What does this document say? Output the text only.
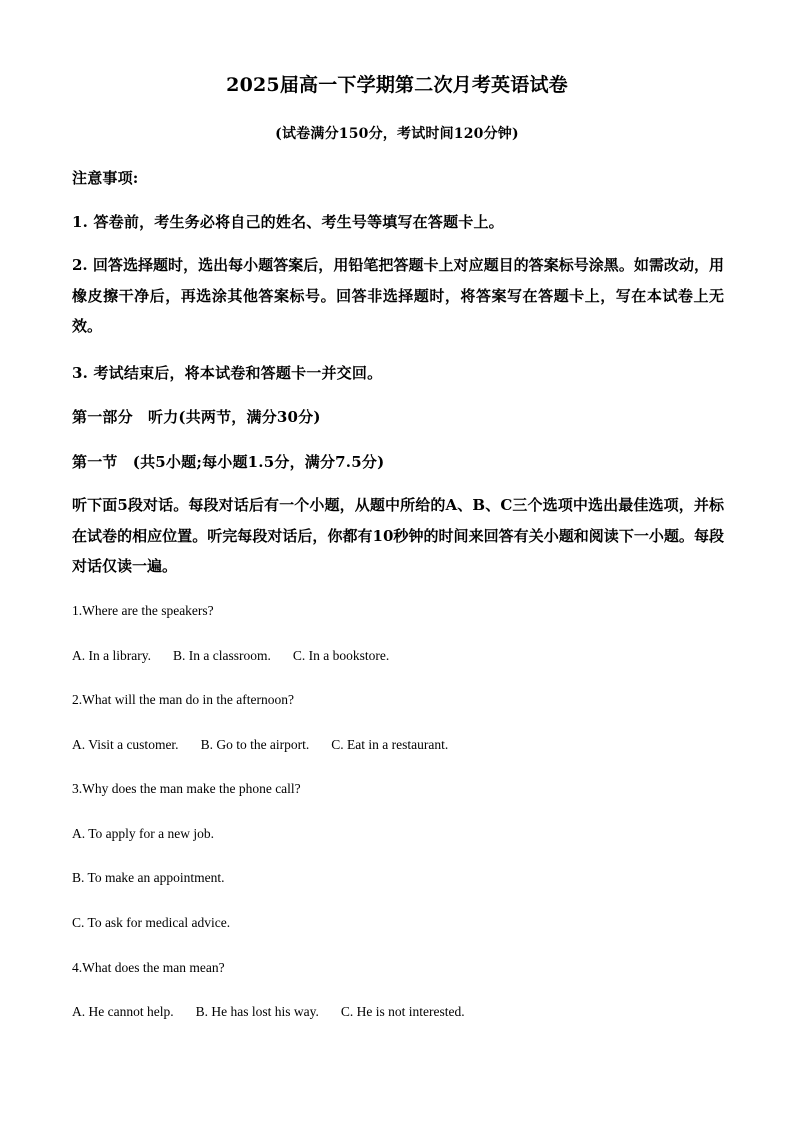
2025届高一下学期第二次月考英语试卷
(试卷满分150分，考试时间120分钟)
注意事项:
1. 答卷前，考生务必将自己的姓名、考生号等填写在答题卡上。
2. 回答选择题时，选出每小题答案后，用铅笔把答题卡上对应题目的答案标号涂黑。如需改动，用橡皮擦干净后，再选涂其他答案标号。回答非选择题时，将答案写在答题卡上，写在本试卷上无效。
3. 考试结束后，将本试卷和答题卡一并交回。
第一部分　听力(共两节，满分30分)
第一节　(共5小题;每小题1.5分，满分7.5分)
听下面5段对话。每段对话后有一个小题，从题中所给的A、B、C三个选项中选出最佳选项，并标在试卷的相应位置。听完每段对话后，你都有10秒钟的时间来回答有关小题和阅读下一小题。每段对话仅读一遍。
1.Where are the speakers?
A. In a library. B. In a classroom. C. In a bookstore.
2.What will the man do in the afternoon?
A. Visit a customer. B. Go to the airport. C. Eat in a restaurant.
3.Why does the man make the phone call?
A. To apply for a new job.
B. To make an appointment.
C. To ask for medical advice.
4.What does the man mean?
A. He cannot help. B. He has lost his way. C. He is not interested.
